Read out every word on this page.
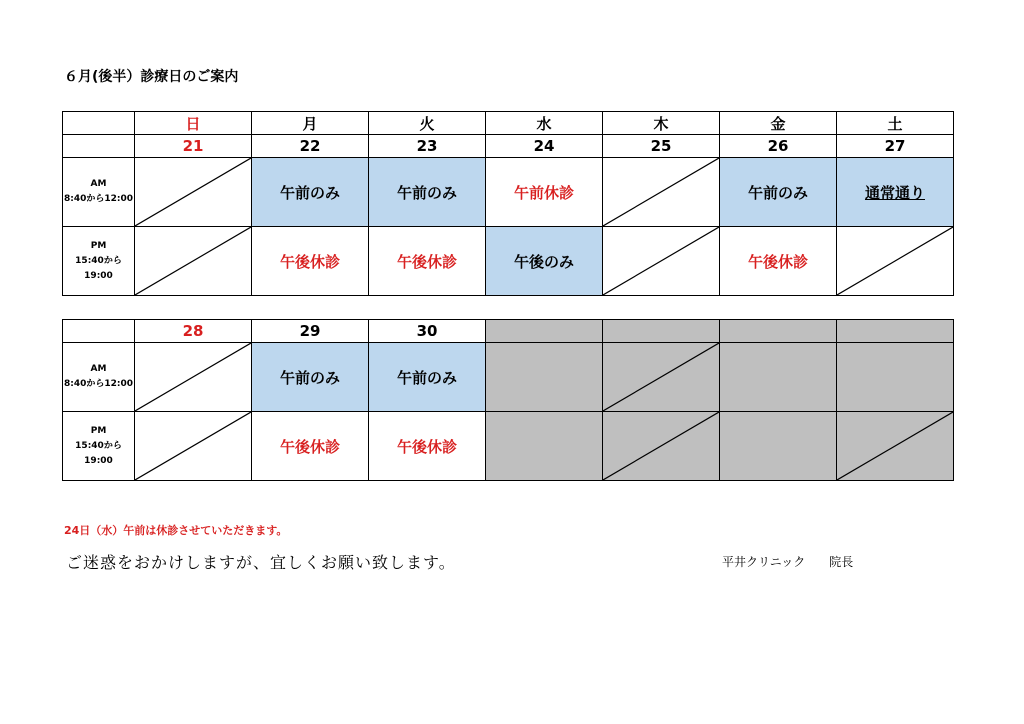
６月(後半）診療日のご案内
	日	月	火	水	木	金	土
	21	22	23	24	25	26	27

AM
8:40から12:00		午前のみ	午前のみ	午前休診		午前のみ	通常通り

PM
15:40から19:00		午後休診	午後休診	午後のみ		午後休診	
	28	29	30				

AM
8:40から12:00		午前のみ	午前のみ		

PM
15:40から19:00		午後休診	午後休診		

24日（水）午前は休診させていただきます。
ご迷惑をおかけしますが、宜しくお願い致します。	平井クリニック　　院長
